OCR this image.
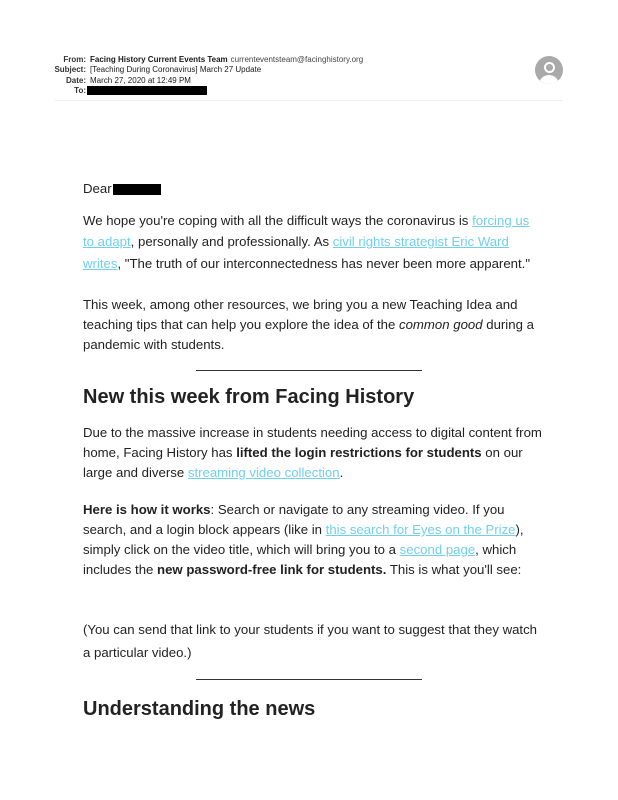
From: Facing History Current Events Team currenteventsteam@facinghistory.org
Subject: [Teaching During Coronavirus] March 27 Update
Date: March 27, 2020 at 12:49 PM
To:

Dear

We hope you're coping with all the difficult ways the coronavirus is forcing us to adapt, personally and professionally. As civil rights strategist Eric Ward writes, "The truth of our interconnectedness has never been more apparent."

This week, among other resources, we bring you a new Teaching Idea and teaching tips that can help you explore the idea of the common good during a pandemic with students.

New this week from Facing History

Due to the massive increase in students needing access to digital content from home, Facing History has lifted the login restrictions for students on our large and diverse streaming video collection.

Here is how it works: Search or navigate to any streaming video. If you search, and a login block appears (like in this search for Eyes on the Prize), simply click on the video title, which will bring you to a second page, which includes the new password-free link for students. This is what you'll see:

(You can send that link to your students if you want to suggest that they watch a particular video.)

Understanding the news
